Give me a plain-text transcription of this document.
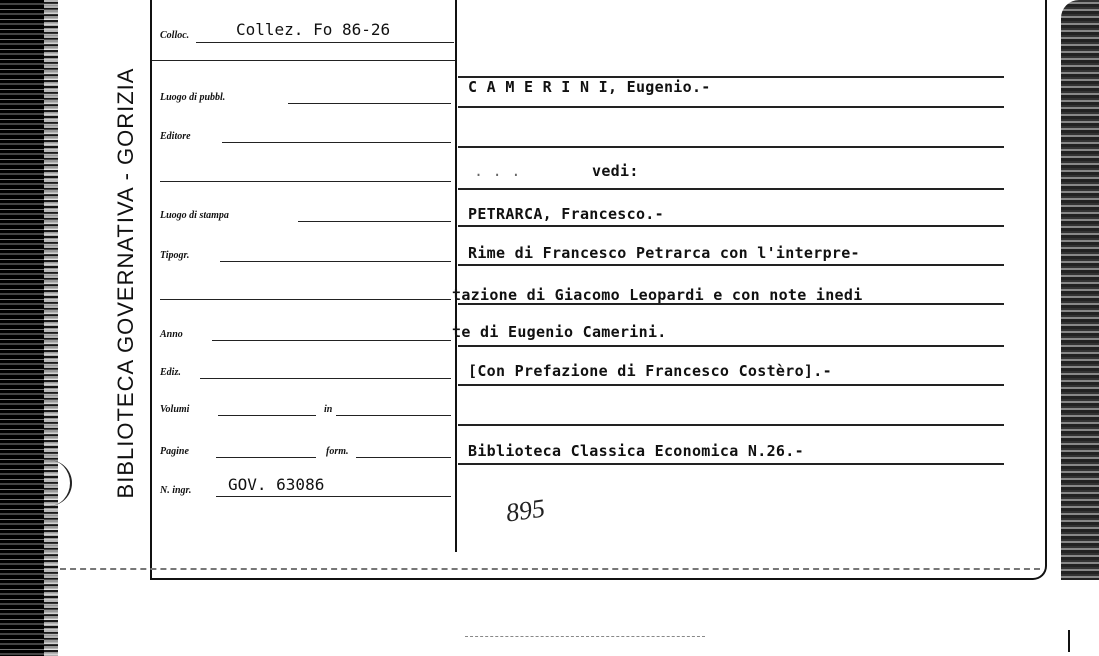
BIBLIOTECA GOVERNATIVA - GORIZIA
Colloc.	Collez. Fo 86-26
Luogo di pubbl.
Editore
Luogo di stampa
Tipogr.
Anno
Ediz.
Volumi	in
Pagine	form.
N. ingr. GOV. 63086
C A M E R I N I, Eugenio.-
. . .	vedi:
PETRARCA, Francesco.-
Rime di Francesco Petrarca con l'interpre-
tazione di Giacomo Leopardi e con note inedi
te di Eugenio Camerini.
[Con Prefazione di Francesco Costèro].-
Biblioteca Classica Economica N.26.-
895
